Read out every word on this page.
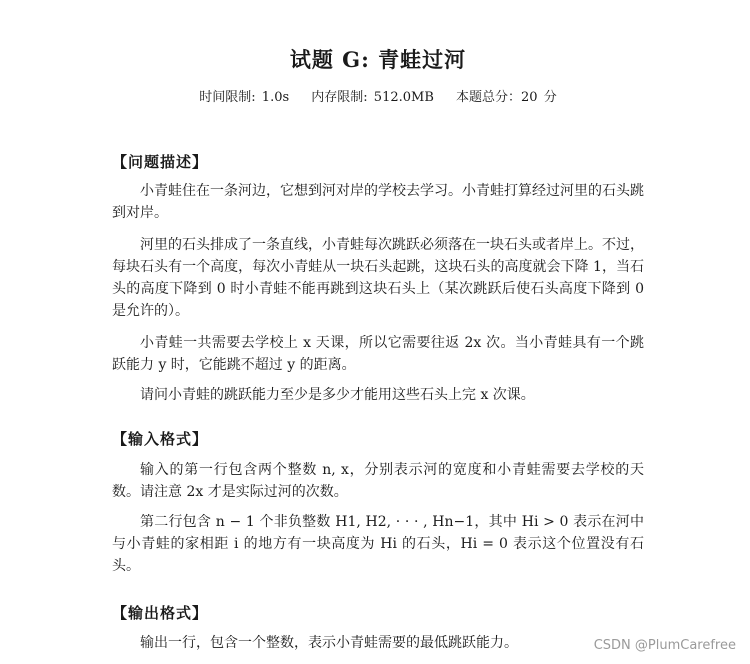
试题 G: 青蛙过河
时间限制: 1.0s 内存限制: 512.0MB 本题总分：20 分
【问题描述】
小青蛙住在一条河边，它想到河对岸的学校去学习。小青蛙打算经过河里的石头跳到对岸。
河里的石头排成了一条直线，小青蛙每次跳跃必须落在一块石头或者岸上。不过，每块石头有一个高度，每次小青蛙从一块石头起跳，这块石头的高度就会下降 1，当石头的高度下降到 0 时小青蛙不能再跳到这块石头上（某次跳跃后使石头高度下降到 0 是允许的）。
小青蛙一共需要去学校上 x 天课，所以它需要往返 2x 次。当小青蛙具有一个跳跃能力 y 时，它能跳不超过 y 的距离。
请问小青蛙的跳跃能力至少是多少才能用这些石头上完 x 次课。
【输入格式】
输入的第一行包含两个整数 n, x，分别表示河的宽度和小青蛙需要去学校的天数。请注意 2x 才是实际过河的次数。
第二行包含 n − 1 个非负整数 H1, H2, · · · , Hn−1，其中 Hi > 0 表示在河中与小青蛙的家相距 i 的地方有一块高度为 Hi 的石头，Hi = 0 表示这个位置没有石头。
【输出格式】
输出一行，包含一个整数，表示小青蛙需要的最低跳跃能力。	CSDN @PlumCarefree
